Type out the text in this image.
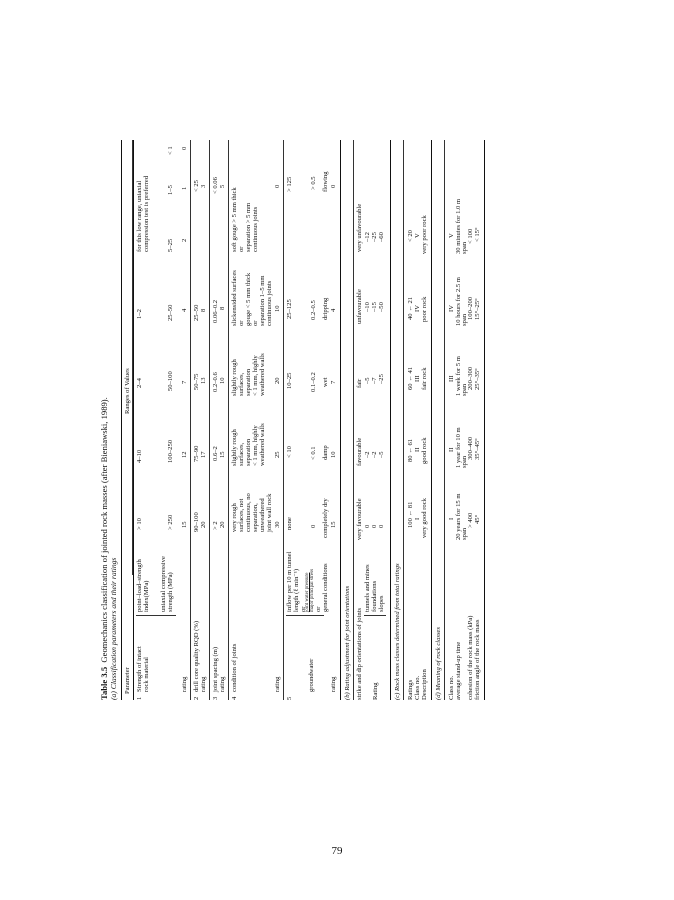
Table 3.5  Geomechanics classification of jointed rock masses (after Bieniawski, 1989). (a) Classification parameters and their ratings Parameter
Ranges of Values
1
Strength of intact rock material
point–load–strength index(MPa)
> 10
4–10
2–4
1–2
for this low range, uniaxial compression test is preferred
uniaxial compressive strength (MPa)
> 250
100–250
50–100
25–50
5–25
1–5
< 1
rating
15
12
7
4
2
1
0
2
drill core quality RQD (%) rating
90–100
75–90
50–75
25–50
< 25
20
17
13
8
3
3
joint spacing (m) rating
> 2
0.6–2
0.2–0.6
0.06–0.2
< 0.06
20
15
10
8
5
4
condition of joints
very rough surfaces, not continuous, no separation, unweathered joint wall rock
slightly rough surfaces, separation < 1 mm, highly weathered walls
slightly rough surfaces, separation < 1 mm, highly weathered walls
slickensided surfaces or gouge < 5 mm thick or separation 1–5 mm continuous joints
soft gouge > 5 mm thick or separation > 5 mm continuous joints
rating
30
25
20
10
0
5
inflow per 10 m tunnel length (ℓ min⁻¹) or
joint water pressure major principal stress or
groundwater
general conditions
none
< 10
10–25
25–125
> 125
0
< 0.1
0.1–0.2
0.2–0.5
> 0.5
completely dry
damp
wet
dripping
flowing
rating
15
10
7
4
0
(b) Rating adjustment for joint orientations strike and dip orientations of joints
very favourable
favourable
fair
unfavourable
very unfavourable
Rating
tunnels and mines foundations slopes
0
–2
–5
–10
–12
0
–2
–7
–15
–25
0
–5
–25
–50
–60
(c) Rock mass classes determined from total ratings Ratings Class no. Description
100 ← 81
80 ← 61
60 ← 41
40 ← 21
< 20
I
II
III
IV
V
very good rock
good rock
fair rock
poor rock
very poor rock
(d) Meaning of rock classes Class no. average stand-up time cohesion of the rock mass (kPa) friction angle of the rock mass
I
II
III
IV
V
20 years for 15 m span
1 year for 10 m span
1 week for 5 m span
10 hours for 2.5 m span
30 minutes for 1.0 m span
> 400
300–400
200–300
100–200
< 100
45°
35°–45°
25°–35°
15°–25°
< 15°
79
